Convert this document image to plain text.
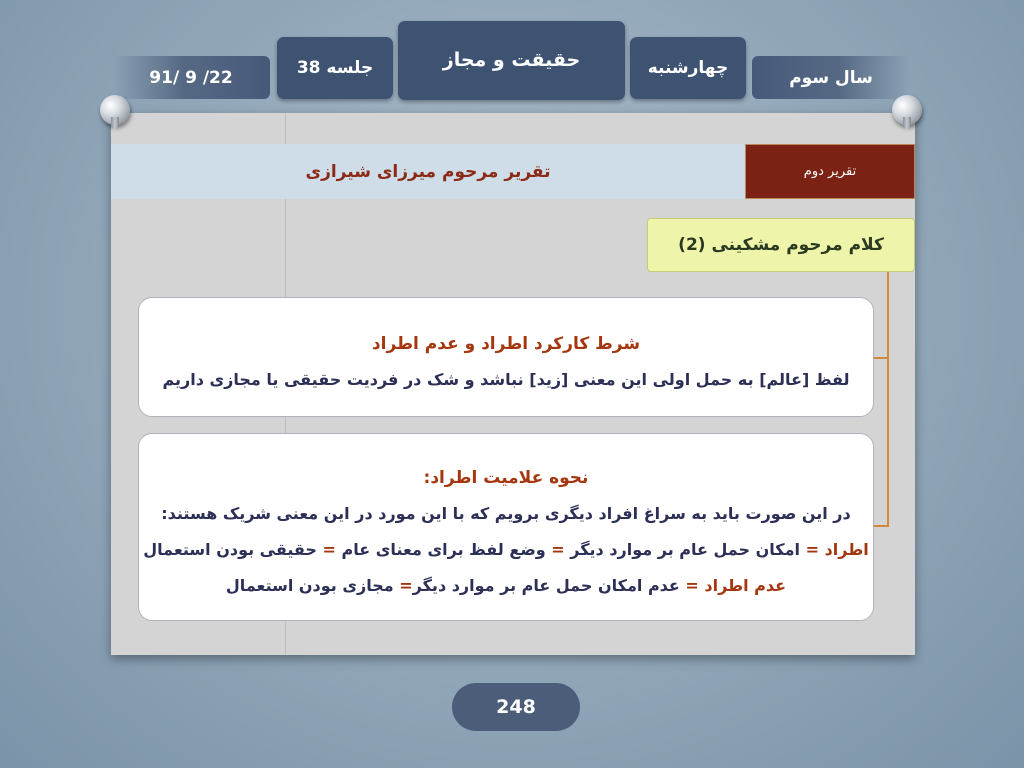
91/ 9 /22	جلسه 38	حقیقت و مجاز	چهارشنبه	سال سوم
تقریر مرحوم میرزای شیرازی	تقریر دوم
کلام مرحوم مشکینی (2)
شرط کارکرد اطراد و عدم اطراد
لفظ [عالم] به حمل اولی این معنی [زید] نباشد و شک در فردیت حقیقی یا مجازی داریم
نحوه علامیت اطراد:
در این صورت باید به سراغ افراد دیگری برویم که با این مورد در این معنی شریک هستند:
اطراد = امکان حمل عام بر موارد دیگر = وضع لفظ برای معنای عام = حقیقی بودن استعمال
عدم اطراد = عدم امکان حمل عام بر موارد دیگر= مجازی بودن استعمال
248
